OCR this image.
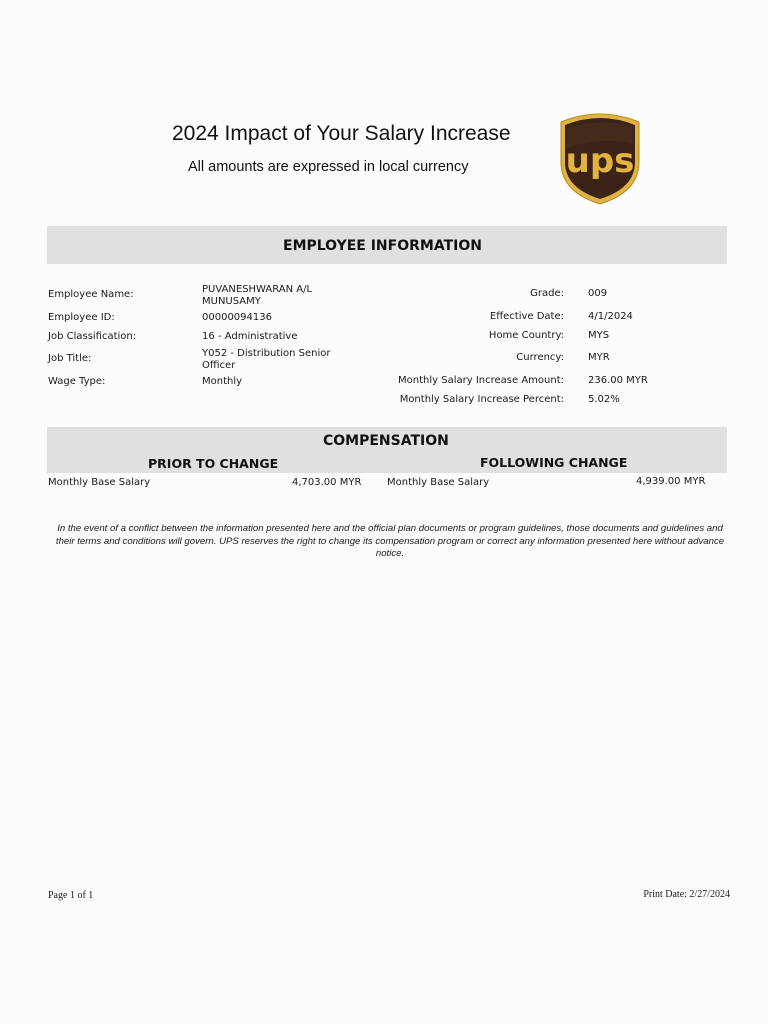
2024 Impact of Your Salary Increase
All amounts are expressed in local currency	ups
EMPLOYEE INFORMATION
Employee Name:	PUVANESHWARAN A/L MUNUSAMY
Employee ID:	00000094136
Job Classification:	16 - Administrative
Job Title:	Y052 - Distribution Senior Officer
Wage Type:	Monthly
Grade: 009
Effective Date: 4/1/2024
Home Country: MYS
Currency: MYR
Monthly Salary Increase Amount: 236.00 MYR
Monthly Salary Increase Percent: 5.02%
COMPENSATION
PRIOR TO CHANGE	FOLLOWING CHANGE
Monthly Base Salary	4,703.00 MYR	Monthly Base Salary	4,939.00 MYR
In the event of a conflict between the information presented here and the official plan documents or program guidelines, those documents and guidelines and their terms and conditions will govern. UPS reserves the right to change its compensation program or correct any information presented here without advance notice.
Page 1 of 1	Print Date: 2/27/2024
